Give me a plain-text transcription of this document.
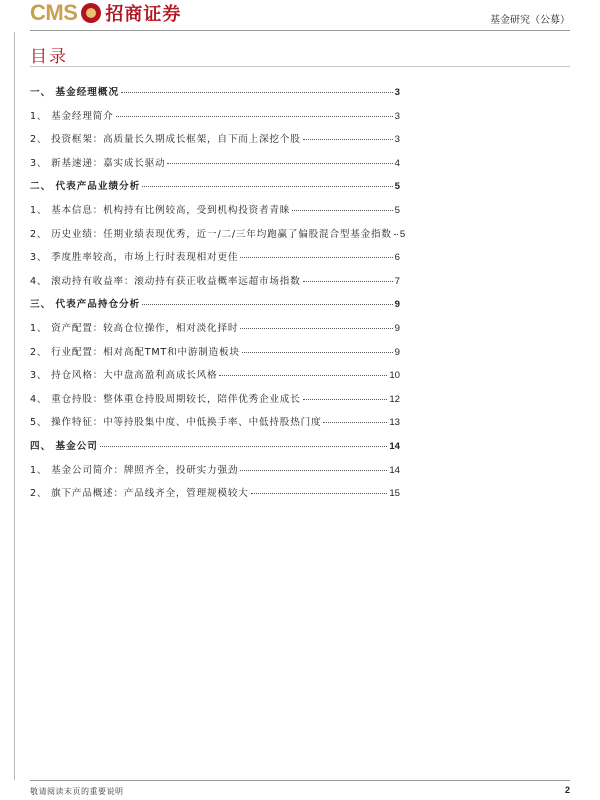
CMS 招商证券	基金研究（公募）
目录
一、 基金经理概况	3
1、 基金经理简介	3
2、 投资框架：高质量长久期成长框架，自下而上深挖个股	3
3、 新基速递：嘉实成长驱动	4
二、 代表产品业绩分析	5
1、 基本信息：机构持有比例较高，受到机构投资者青睐	5
2、 历史业绩：任期业绩表现优秀，近一/二/三年均跑赢了偏股混合型基金指数 5
3、 季度胜率较高，市场上行时表现相对更佳	6
4、 滚动持有收益率：滚动持有获正收益概率远超市场指数	7
三、 代表产品持仓分析	9
1、 资产配置：较高仓位操作，相对淡化择时	9
2、 行业配置：相对高配TMT和中游制造板块	9
3、 持仓风格：大中盘高盈利高成长风格	10
4、 重仓持股：整体重仓持股周期较长，陪伴优秀企业成长	12
5、 操作特征：中等持股集中度、中低换手率、中低持股热门度	13
四、 基金公司	14
1、 基金公司简介：牌照齐全，投研实力强劲	14
2、 旗下产品概述：产品线齐全，管理规模较大	15
敬请阅读末页的重要说明	2
